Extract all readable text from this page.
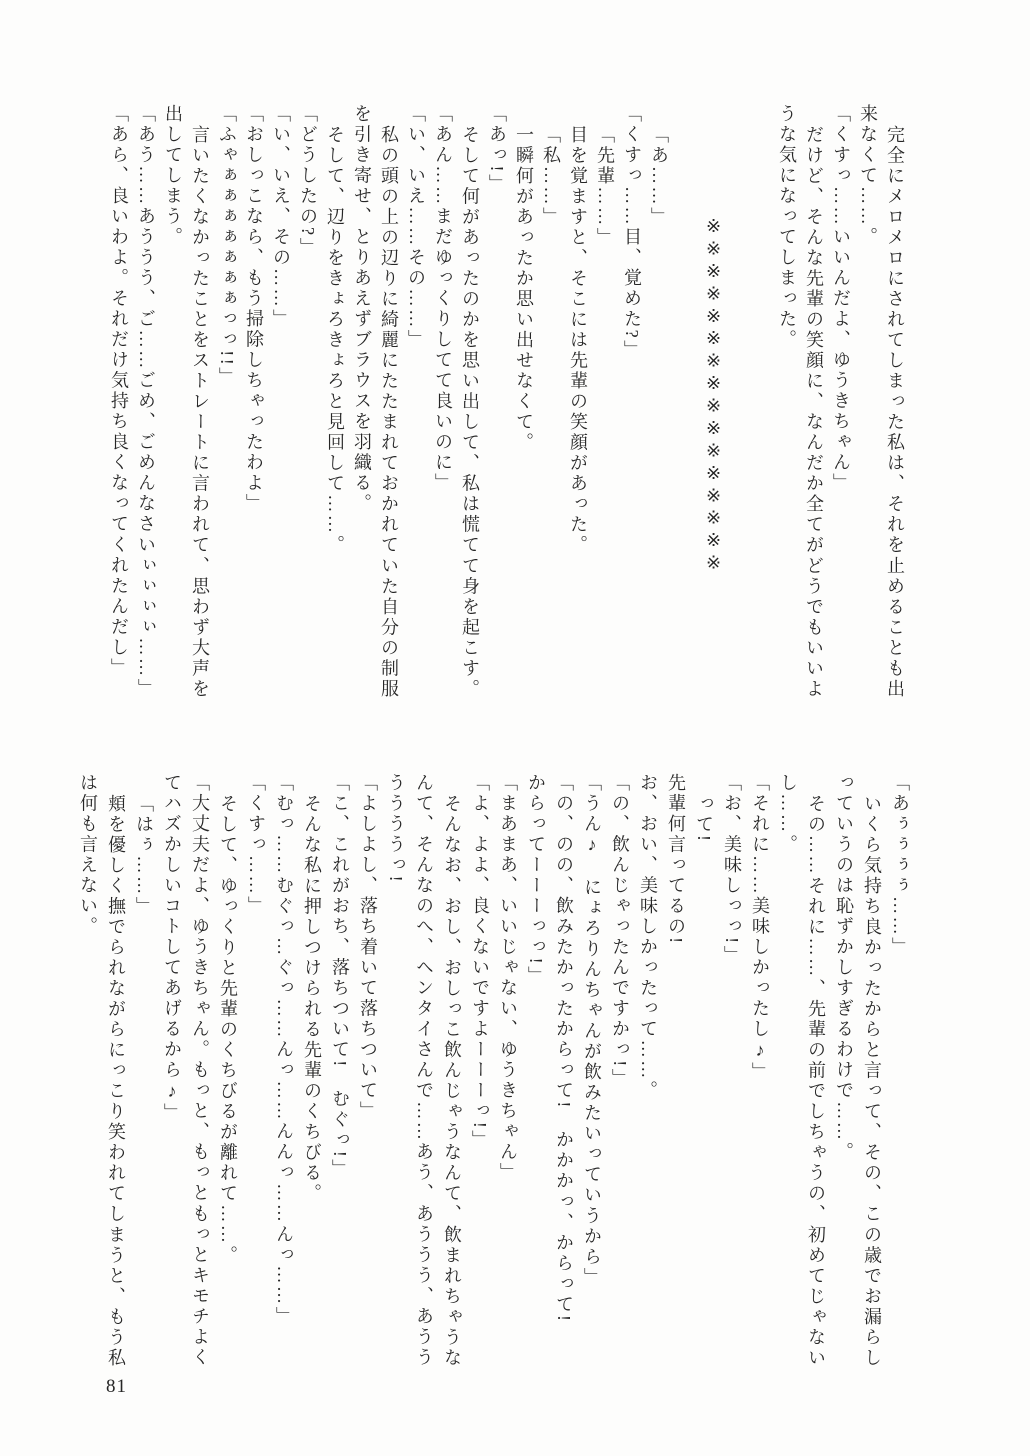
完全にメロメロにされてしまった私は、それを止めることも出
来なくて……。
「くすっ……いいんだよ、ゆうきちゃん」
だけど、そんな先輩の笑顔に、なんだか全てがどうでもいいよ
うな気になってしまった。
※※※※※※※※※※※※※※※※
「あ……」
「くすっ……目、覚めた?」
「先輩……」
目を覚ますと、そこには先輩の笑顔があった。
「私……」
一瞬何があったか思い出せなくて。
「あっ!」
そして何があったのかを思い出して、私は慌てて身を起こす。
「あん……まだゆっくりしてて良いのに」
「い、いえ……その……」
私の頭の上の辺りに綺麗にたたまれておかれていた自分の制服
を引き寄せ、とりあえずブラウスを羽織る。
そして、辺りをきょろきょろと見回して……。
「どうしたの?」
「い、いえ、その……」
「おしっこなら、もう掃除しちゃったわよ」
「ふゃぁぁぁぁぁぁぁっっ!!」
言いたくなかったことをストレートに言われて、思わず大声を
出してしまう。
「あう……あううう、ご……ごめ、ごめんなさいぃぃぃぃ……」
「あら、良いわよ。それだけ気持ち良くなってくれたんだし」
「あぅぅぅぅ……」
いくら気持ち良かったからと言って、その、この歳でお漏らし
っていうのは恥ずかしすぎるわけで……。
その……それに……、先輩の前でしちゃうの、初めてじゃない
し……。
「それに……美味しかったし♪」
「お、美味しっっ!」
って!
先輩何言ってるの!
お、おい、美味しかったって……。
「の、飲んじゃったんですかっ!」
「うん♪　にょろりんちゃんが飲みたいっていうから」
「の、のの、飲みたかったからって!　かかかっ、からって!
からってーーーっっ!」
「まあまあ、いいじゃない、ゆうきちゃん」
「よ、よよ、良くないですよーーーっ!」
そんなお、おし、おしっこ飲んじゃうなんて、飲まれちゃうな
んて、そんなのへ、ヘンタイさんで……あう、あううう、あうう
ううううっ!
「よしよし、落ち着いて落ちついて」
「こ、これがおち、落ちついて!　むぐっ!」
そんな私に押しつけられる先輩のくちびる。
「むっ……むぐっ…ぐっ……んっ……んんっ……んっ……」
「くすっ……」
そして、ゆっくりと先輩のくちびるが離れて……。
「大丈夫だよ、ゆうきちゃん。もっと、もっともっとキモチよく
てハズかしいコトしてあげるから♪」
「はぅ……」
頬を優しく撫でられながらにっこり笑われてしまうと、もう私
は何も言えない。
81
